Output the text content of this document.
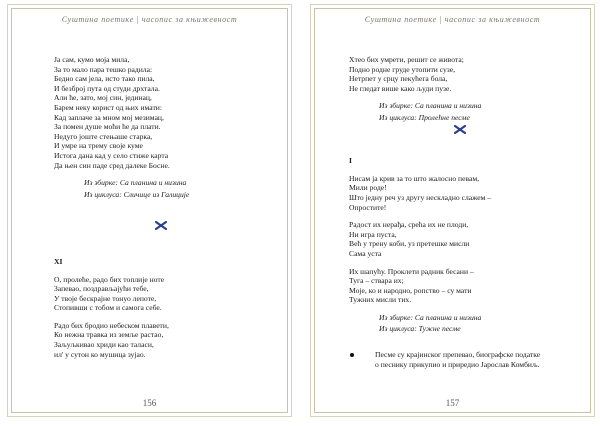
Суштина поетике | часопис за књижевност
Ја сам, кумо моја мила,
За то мало пара тешко радила:
Бедно сам јела, исто тако пила,
И безброј пута од студи дрхтала.
Али ће, зато, мој син, јединац,
Барем неку корист од њих имати:
Кад заплаче за мном мој мезимац,
За помен душе моћи ће да плати.
Недуго јоште стењаше старка,
И умре на трему своје куме
Истога дана кад у село стиже карта
Да њен син паде сред далеке Босне.
Из збирке: Са планина и низина
Из циклуса: Сличице из Галиције
XI
О, пролеће, радо бих топлије ноте
Запевао, поздрављајући тебе,
У твоје бескрајне тонуо лепоте,
Стопивши с тобом и самога себе.
Радо бих бродио небеском плавети,
Ко нежна травка из земље растао,
Заљуљкивао хриди као таласи,
ил' у сутон ко мушица зујао.
156
Суштина поетике | часопис за књижевност
Хтео бих умрети, решит се живота;
Подно родне груде утопити сузе,
Нетрпет у срцу пекућега бола,
Не гледат више како људи пузе.
Из збирке: Са планина и низина
Из циклуса: Пролећне песме
I
Нисам ја крив за то што жалосно певам,
Мили роде!
Што једну реч уз другу нескладно слажем –
Опростите!
Радост их нерађа, срећа их не плоди,
Ни игра пуста,
Већ у трену коби, уз претешке мисли
Сама уста
Их шапућу. Проклети радник бесани –
Туга – ствара их;
Моје, ко и народно, ропство – су мати
Тужних мисли тих.
Из збирке: Са планина и низина
Из циклуса: Тужне песме
Песме су крајинског препевао, биографске податке
о песнику прикупио и приредио Јарослав Комбиљ.
157
